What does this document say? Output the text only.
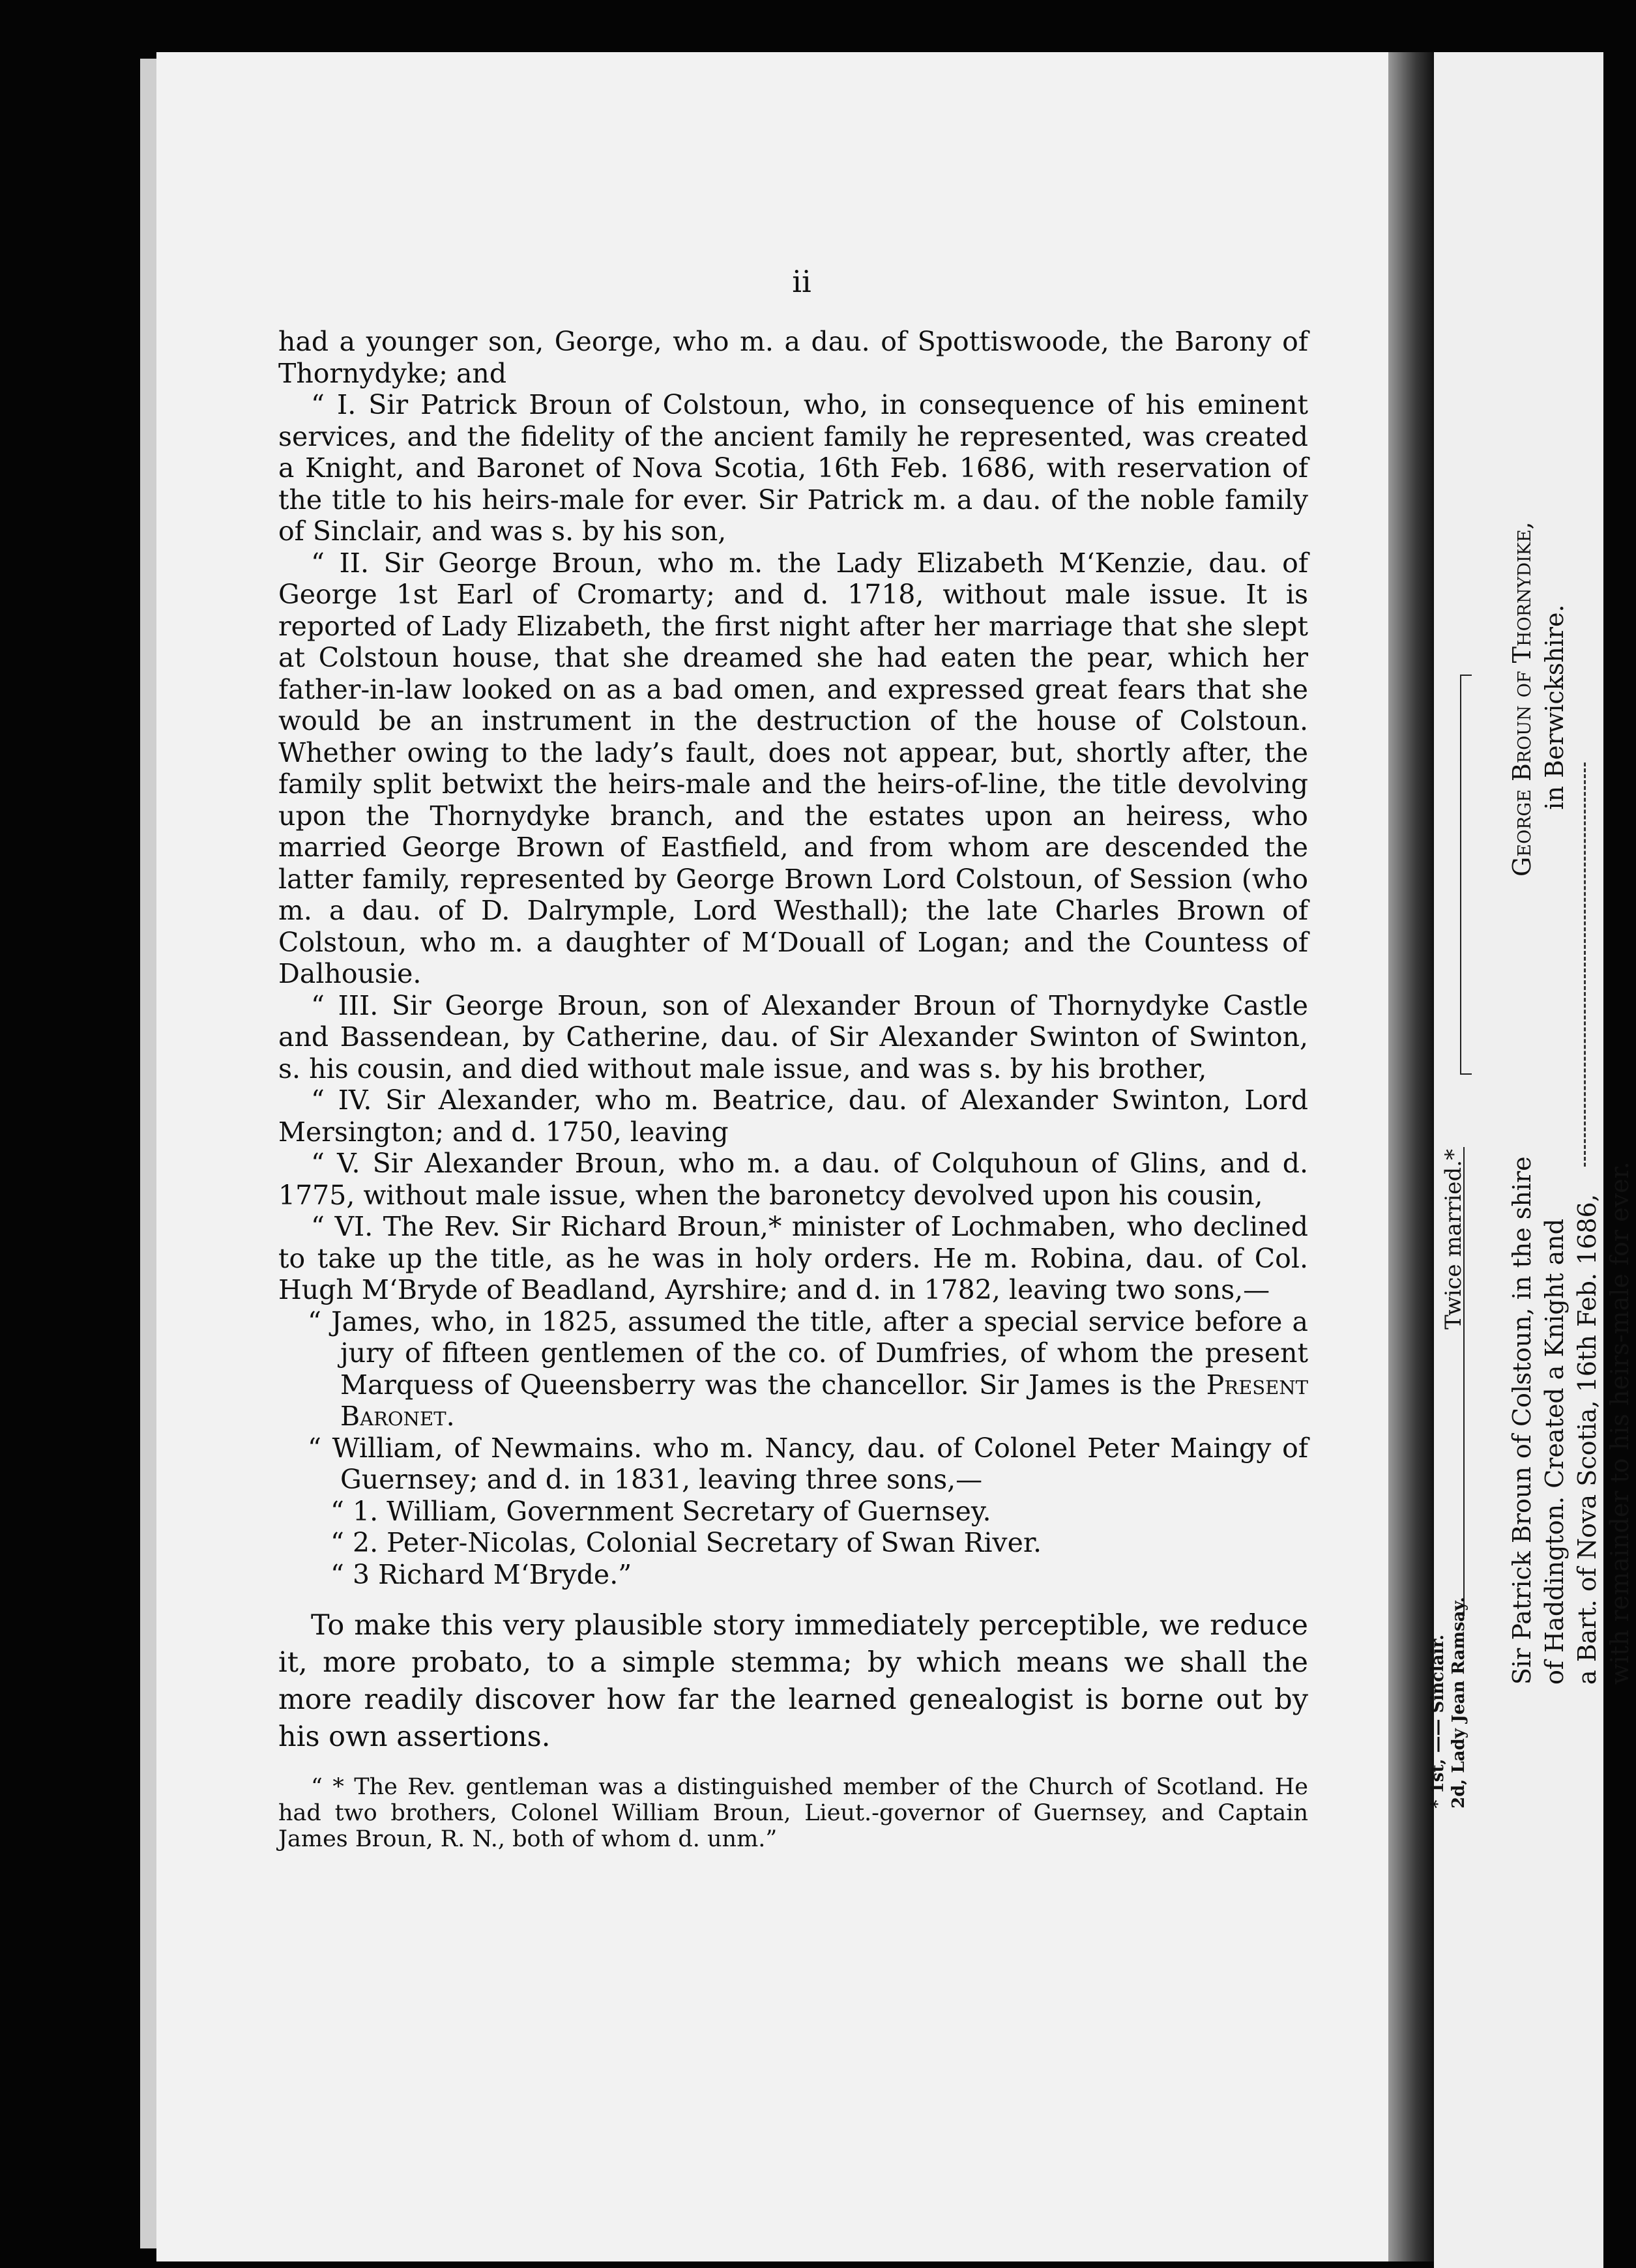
ii

had a younger son, George, who m. a dau. of Spottiswoode, the Barony of Thornydyke; and

“ I. Sir Patrick Broun of Colstoun, who, in consequence of his eminent services, and the fidelity of the ancient family he represented, was created a Knight, and Baronet of Nova Scotia, 16th Feb. 1686, with reservation of the title to his heirs-male for ever. Sir Patrick m. a dau. of the noble family of Sinclair, and was s. by his son,

“ II. Sir George Broun, who m. the Lady Elizabeth M‘Kenzie, dau. of George 1st Earl of Cromarty; and d. 1718, without male issue. It is reported of Lady Elizabeth, the first night after her marriage that she slept at Colstoun house, that she dreamed she had eaten the pear, which her father-in-law looked on as a bad omen, and expressed great fears that she would be an instrument in the destruction of the house of Colstoun. Whether owing to the lady’s fault, does not appear, but, shortly after, the family split betwixt the heirs-male and the heirs-of-line, the title devolving upon the Thornydyke branch, and the estates upon an heiress, who married George Brown of Eastfield, and from whom are descended the latter family, represented by George Brown Lord Colstoun, of Session (who m. a dau. of D. Dalrymple, Lord Westhall); the late Charles Brown of Colstoun, who m. a daughter of M‘Douall of Logan; and the Countess of Dalhousie.

“ III. Sir George Broun, son of Alexander Broun of Thornydyke Castle and Bassendean, by Catherine, dau. of Sir Alexander Swinton of Swinton, s. his cousin, and died without male issue, and was s. by his brother,

“ IV. Sir Alexander, who m. Beatrice, dau. of Alexander Swinton, Lord Mersington; and d. 1750, leaving

“ V. Sir Alexander Broun, who m. a dau. of Colquhoun of Glins, and d. 1775, without male issue, when the baronetcy devolved upon his cousin,

“ VI. The Rev. Sir Richard Broun,* minister of Lochmaben, who declined to take up the title, as he was in holy orders. He m. Robina, dau. of Col. Hugh M‘Bryde of Beadland, Ayrshire; and d. in 1782, leaving two sons,—

“ James, who, in 1825, assumed the title, after a special service before a jury of fifteen gentlemen of the co. of Dumfries, of whom the present Marquess of Queensberry was the chancellor. Sir James is the Present Baronet.

“ William, of Newmains. who m. Nancy, dau. of Colonel Peter Maingy of Guernsey; and d. in 1831, leaving three sons,—

“ 1. William, Government Secretary of Guernsey.

“ 2. Peter-Nicolas, Colonial Secretary of Swan River.

“ 3 Richard M‘Bryde.”

To make this very plausible story immediately perceptible, we reduce it, more probato, to a simple stemma; by which means we shall the more readily discover how far the learned genealogist is borne out by his own assertions.

“ * The Rev. gentleman was a distinguished member of the Church of Scotland. He had two brothers, Colonel William Broun, Lieut.-governor of Guernsey, and Captain James Broun, R. N., both of whom d. unm.”

George Broun of Thornydike, in Berwickshire.
Twice married.* Sir Patrick Broun of Colstoun, in the shire of Haddington. Created a Knight and a Bart. of Nova Scotia, 16th Feb. 1686, with remainder to his heirs-male for ever.
* 1st, —— Sinclair. 2d, Lady Jean Ramsay.
